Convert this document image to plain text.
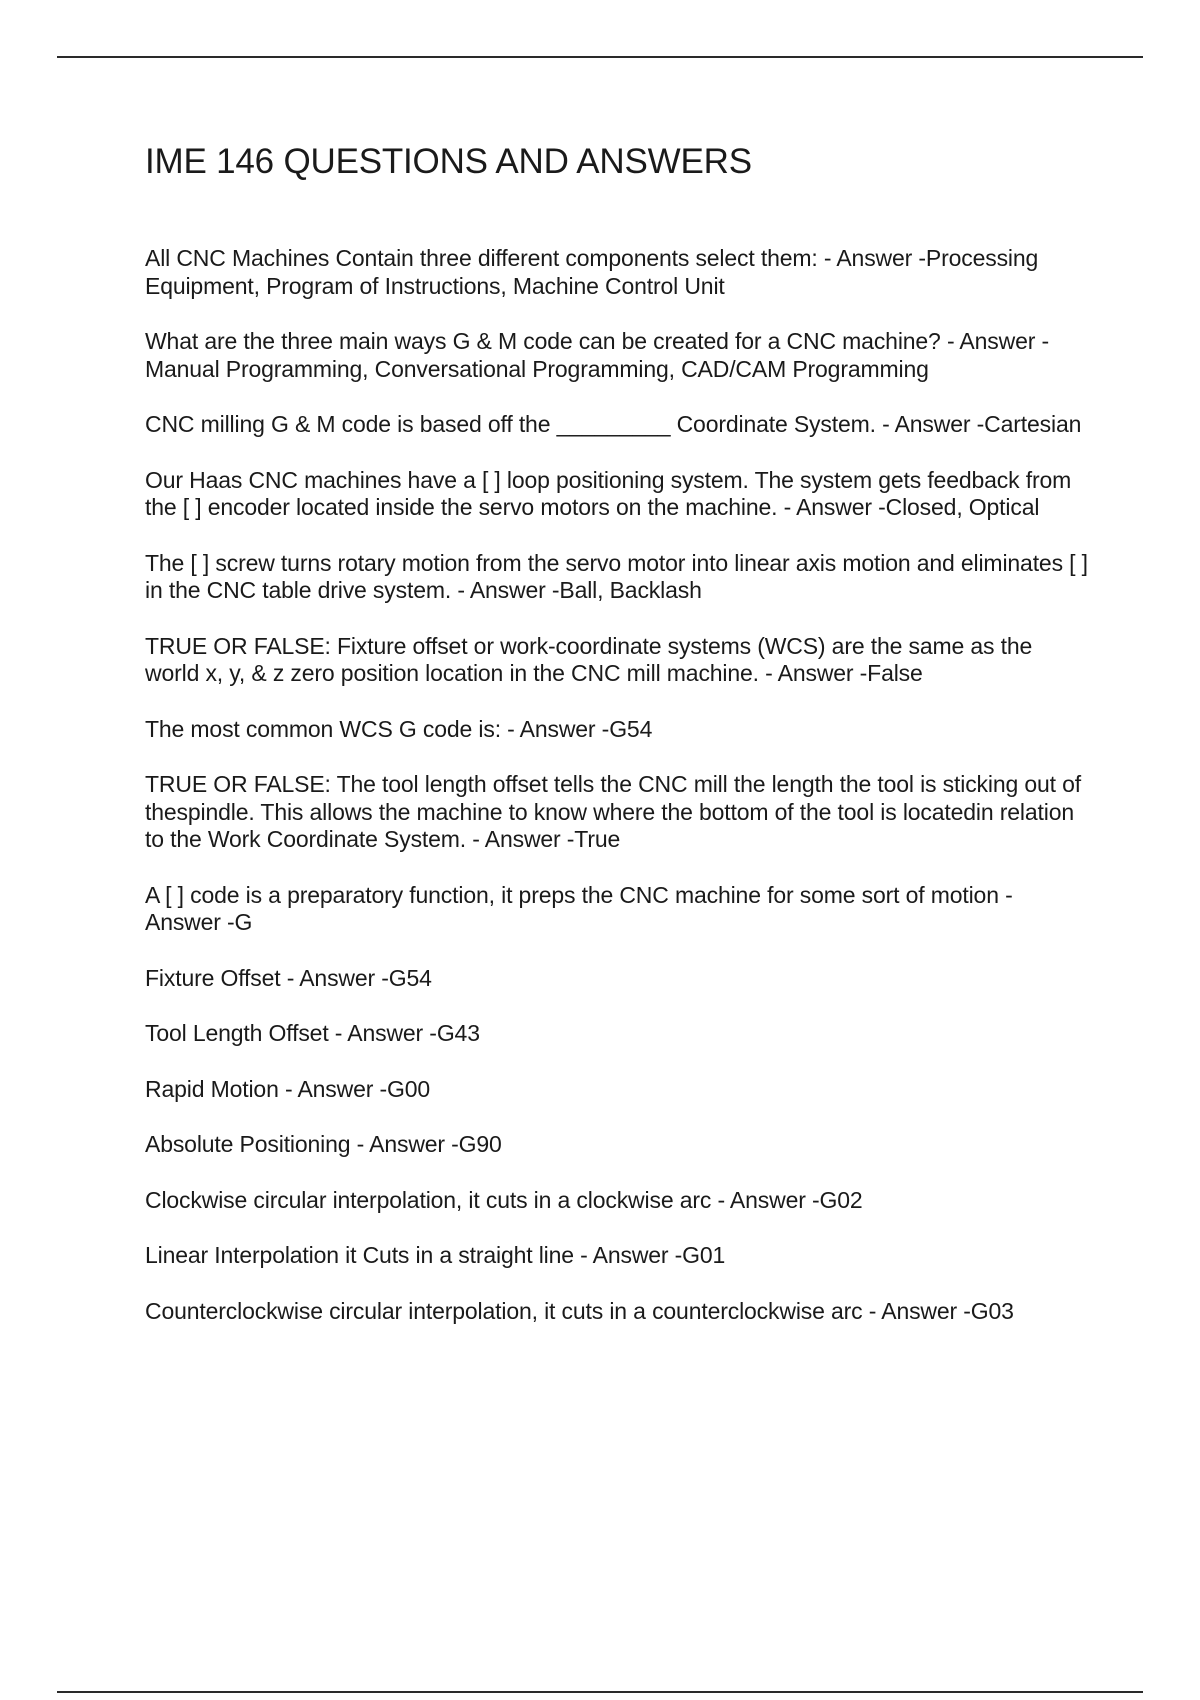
IME 146 QUESTIONS AND ANSWERS
All CNC Machines Contain three different components select them: - Answer -Processing Equipment, Program of Instructions, Machine Control Unit
What are the three main ways G & M code can be created for a CNC machine? - Answer -Manual Programming, Conversational Programming, CAD/CAM Programming
CNC milling G & M code is based off the _________ Coordinate System. - Answer -Cartesian
Our Haas CNC machines have a [ ] loop positioning system. The system gets feedback from the [ ] encoder located inside the servo motors on the machine. - Answer -Closed, Optical
The [ ] screw turns rotary motion from the servo motor into linear axis motion and eliminates [ ] in the CNC table drive system. - Answer -Ball, Backlash
TRUE OR FALSE: Fixture offset or work-coordinate systems (WCS) are the same as the world x, y, & z zero position location in the CNC mill machine. - Answer -False
The most common WCS G code is: - Answer -G54
TRUE OR FALSE: The tool length offset tells the CNC mill the length the tool is sticking out of thespindle. This allows the machine to know where the bottom of the tool is locatedin relation to the Work Coordinate System. - Answer -True
A [ ] code is a preparatory function, it preps the CNC machine for some sort of motion - Answer -G
Fixture Offset - Answer -G54
Tool Length Offset - Answer -G43
Rapid Motion - Answer -G00
Absolute Positioning - Answer -G90
Clockwise circular interpolation, it cuts in a clockwise arc - Answer -G02
Linear Interpolation it Cuts in a straight line - Answer -G01
Counterclockwise circular interpolation, it cuts in a counterclockwise arc - Answer -G03
